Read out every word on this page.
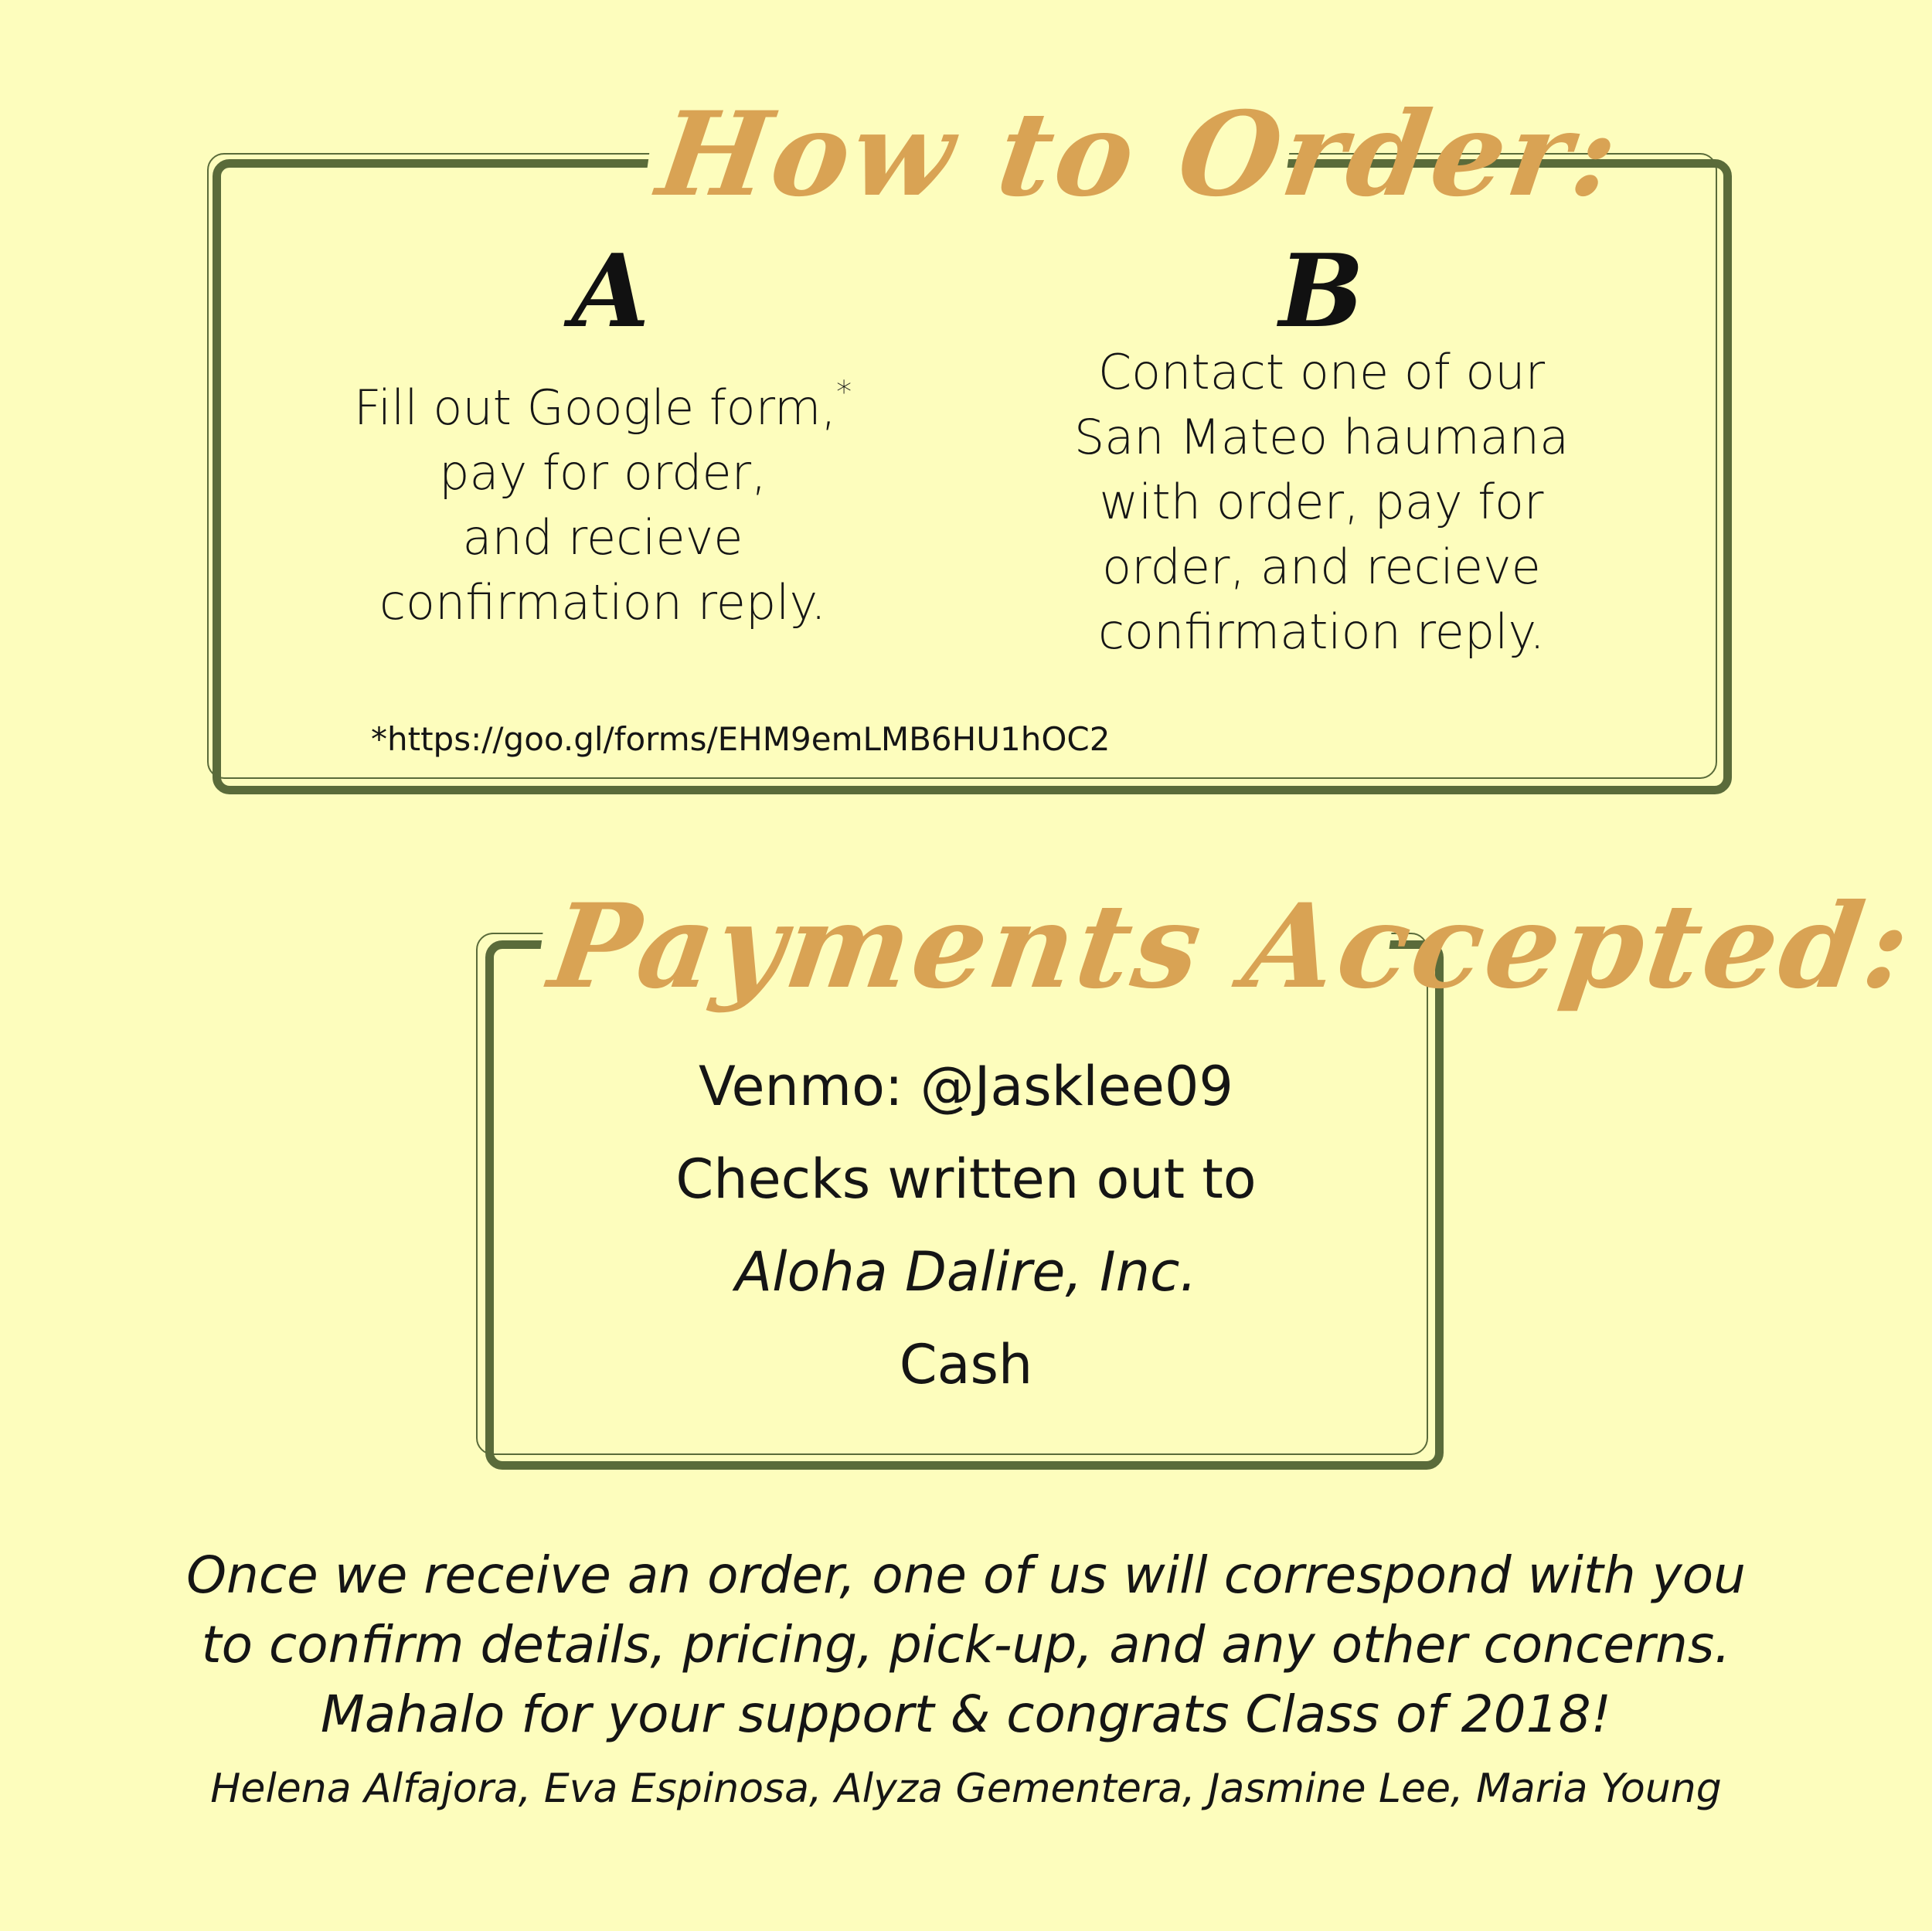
How to Order:
A	B
Fill out Google form,*
pay for order,
and recieve
confirmation reply.
Contact one of our
San Mateo haumana
with order, pay for
order, and recieve
confirmation reply.
*https://goo.gl/forms/EHM9emLMB6HU1hOC2
Payments Accepted:
Venmo: @Jasklee09
Checks written out to
Aloha Dalire, Inc.
Cash
Once we receive an order, one of us will correspond with you
to confirm details, pricing, pick-up, and any other concerns.
Mahalo for your support & congrats Class of 2018!
Helena Alfajora, Eva Espinosa, Alyza Gementera, Jasmine Lee, Maria Young
